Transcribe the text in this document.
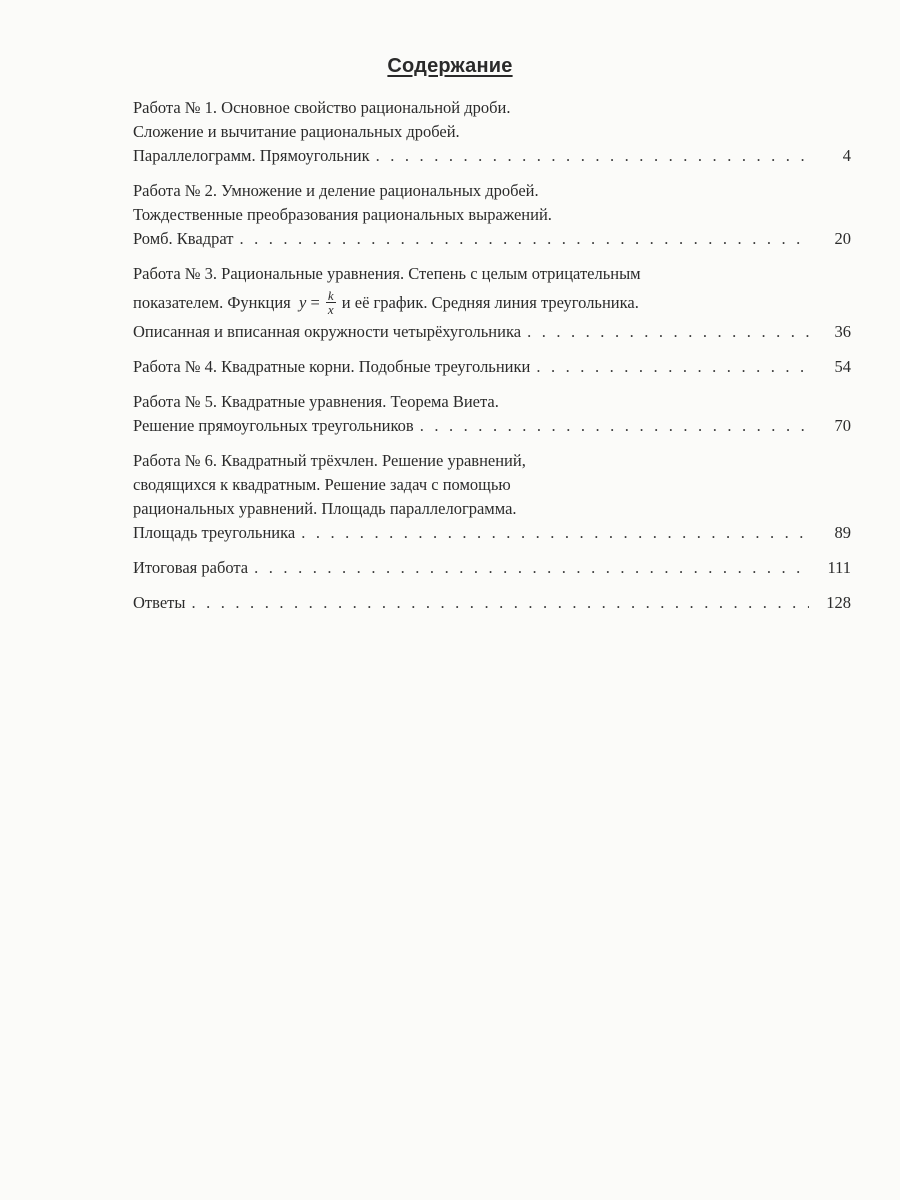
Содержание
Работа № 1. Основное свойство рациональной дроби.
Сложение и вычитание рациональных дробей.
Параллелограмм. Прямоугольник . . .	4
Работа № 2. Умножение и деление рациональных дробей.
Тождественные преобразования рациональных выражений.
Ромб. Квадрат . . .	20
Работа № 3. Рациональные уравнения. Степень с целым отрицательным
показателем. Функция $y = \frac{k}{x}$ и её график. Средняя линия треугольника.
Описанная и вписанная окружности четырёхугольника . . .	36
Работа № 4. Квадратные корни. Подобные треугольники . . .	54
Работа № 5. Квадратные уравнения. Теорема Виета.
Решение прямоугольных треугольников . . .	70
Работа № 6. Квадратный трёхчлен. Решение уравнений,
сводящихся к квадратным. Решение задач с помощью
рациональных уравнений. Площадь параллелограмма.
Площадь треугольника . . .	89
Итоговая работа . . .	111
Ответы . . .	128
